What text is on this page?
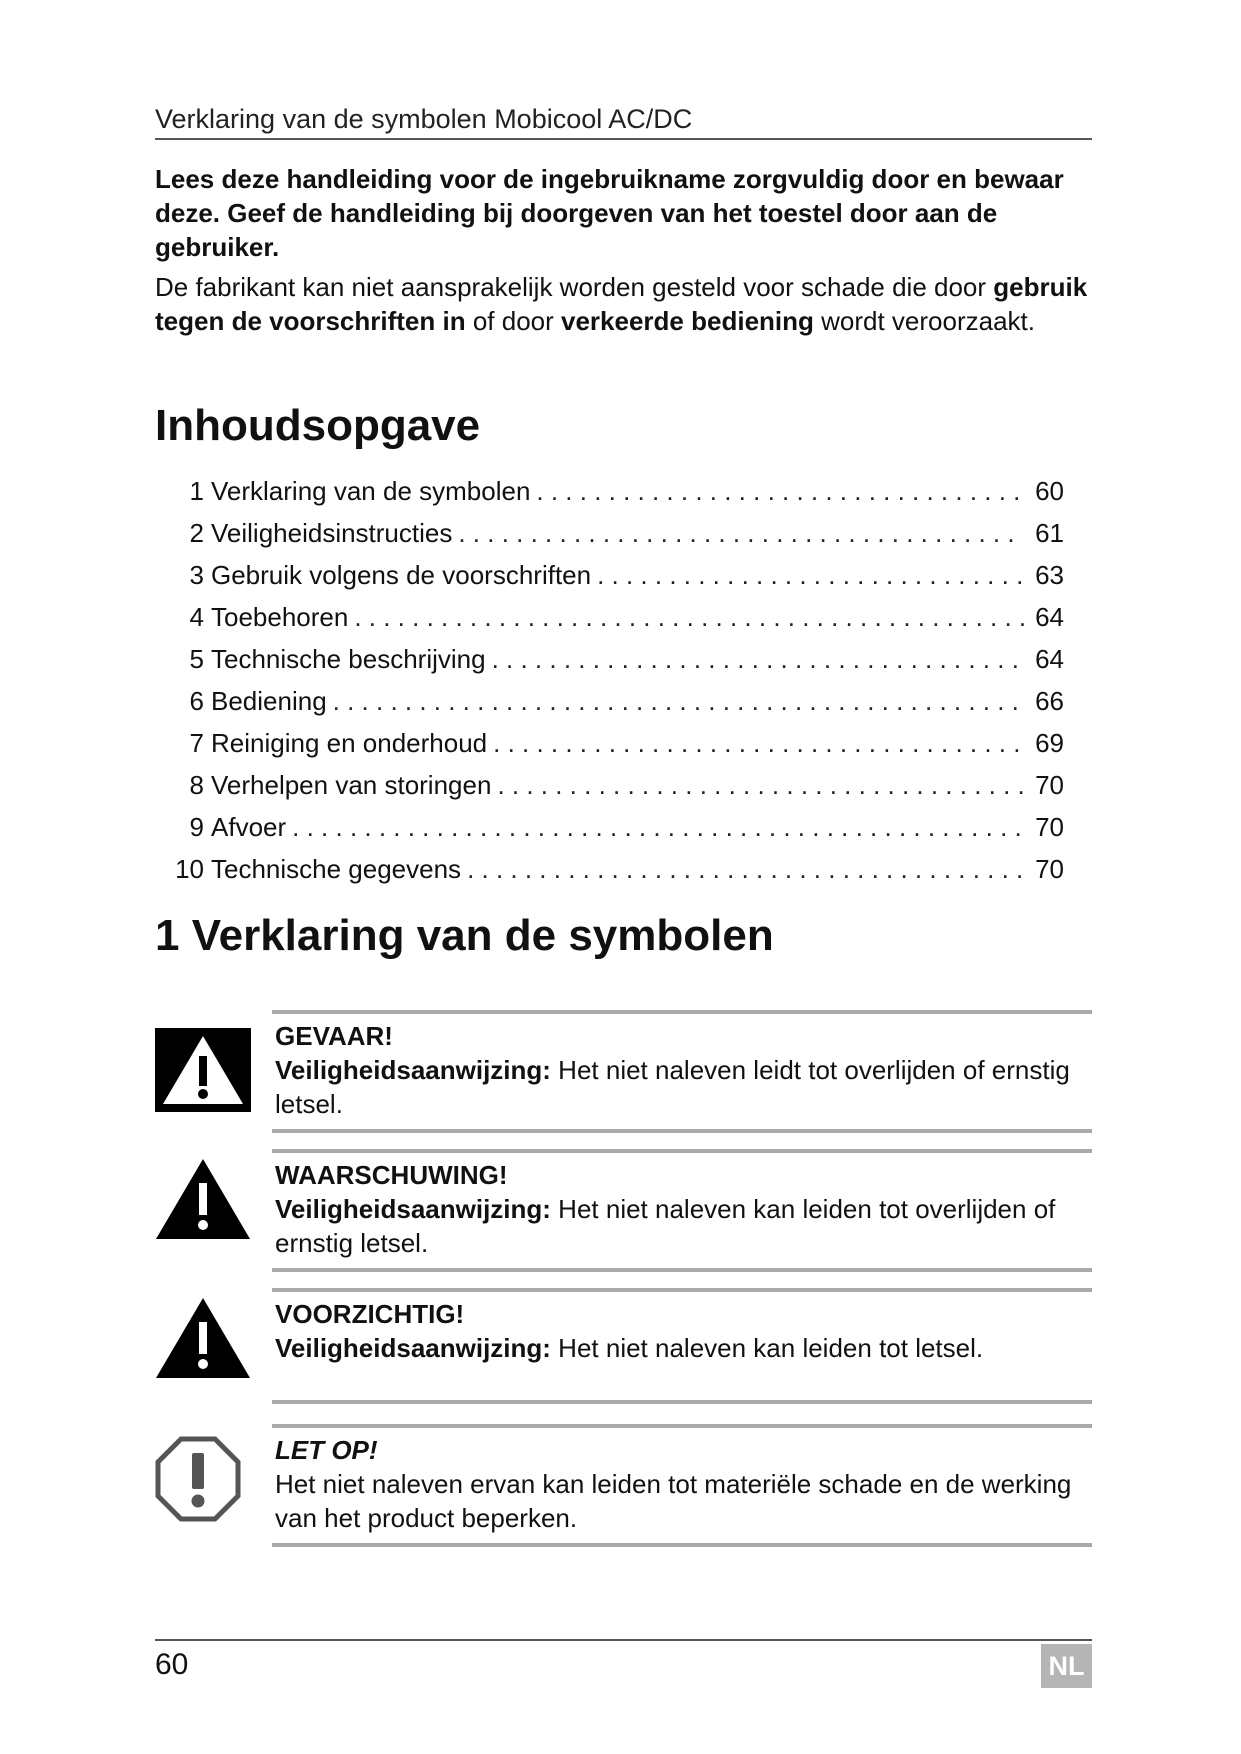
Verklaring van de symbolen Mobicool AC/DC

Lees deze handleiding voor de ingebruikname zorgvuldig door en bewaar deze. Geef de handleiding bij doorgeven van het toestel door aan de gebruiker.

De fabrikant kan niet aansprakelijk worden gesteld voor schade die door gebruik tegen de voorschriften in of door verkeerde bediening wordt veroorzaakt.

Inhoudsopgave
1 Verklaring van de symbolen . . .	60
2 Veiligheidsinstructies . . .	61
3 Gebruik volgens de voorschriften . . .	63
4 Toebehoren . . .	64
5 Technische beschrijving . . .	64
6 Bediening . . .	66
7 Reiniging en onderhoud . . .	69
8 Verhelpen van storingen . . .	70
9 Afvoer . . .	70
10 Technische gegevens . . .	70
1 Verklaring van de symbolen

GEVAAR!

Veiligheidsaanwijzing: Het niet naleven leidt tot overlijden of ernstig letsel.

WAARSCHUWING!

Veiligheidsaanwijzing: Het niet naleven kan leiden tot overlijden of ernstig letsel.

VOORZICHTIG!

Veiligheidsaanwijzing: Het niet naleven kan leiden tot letsel.

LET OP!

Het niet naleven ervan kan leiden tot materiële schade en de werking van het product beperken.

60	NL
